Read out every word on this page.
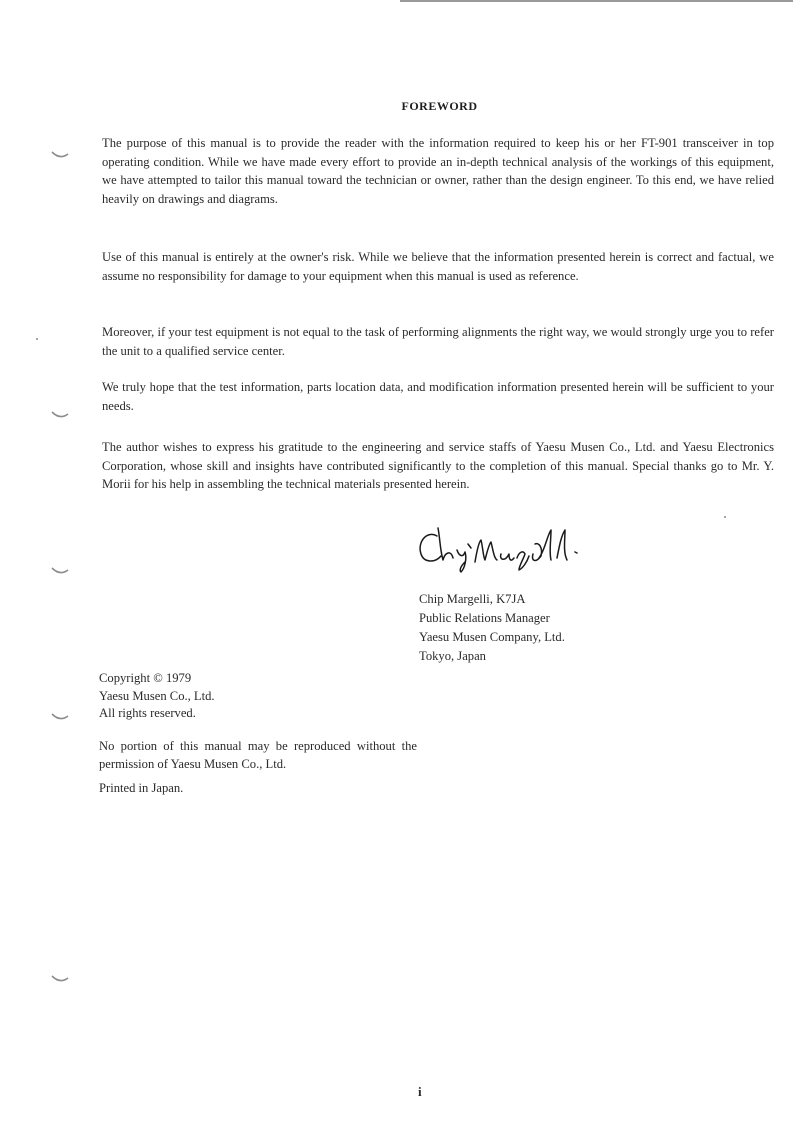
FOREWORD

The purpose of this manual is to provide the reader with the information required to keep his or her FT-901 transceiver in top operating condition. While we have made every effort to provide an in-depth technical analysis of the workings of this equipment, we have attempted to tailor this manual toward the technician or owner, rather than the design engineer. To this end, we have relied heavily on drawings and diagrams.

Use of this manual is entirely at the owner's risk. While we believe that the information presented herein is correct and factual, we assume no responsibility for damage to your equipment when this manual is used as reference.

Moreover, if your test equipment is not equal to the task of performing alignments the right way, we would strongly urge you to refer the unit to a qualified service center.

We truly hope that the test information, parts location data, and modification information presented herein will be sufficient to your needs.

The author wishes to express his gratitude to the engineering and service staffs of Yaesu Musen Co., Ltd. and Yaesu Electronics Corporation, whose skill and insights have contributed significantly to the completion of this manual. Special thanks go to Mr. Y. Morii for his help in assembling the technical materials presented herein.

Chip Margelli, K7JA
Public Relations Manager
Yaesu Musen Company, Ltd.
Tokyo, Japan
Copyright © 1979
Yaesu Musen Co., Ltd.
All rights reserved.

No portion of this manual may be reproduced without the permission of Yaesu Musen Co., Ltd.

Printed in Japan.
i
